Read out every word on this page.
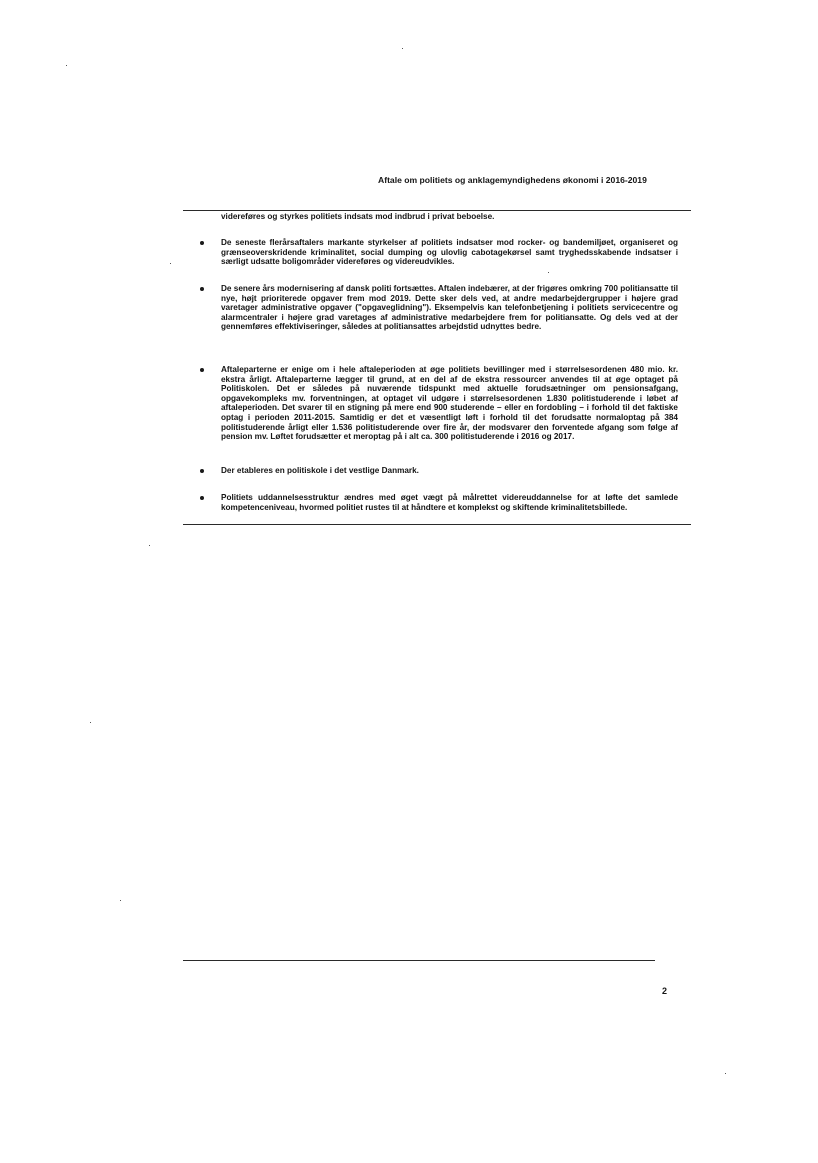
Aftale om politiets og anklagemyndighedens økonomi i 2016-2019
videreføres og styrkes politiets indsats mod indbrud i privat beboelse.
De seneste flerårsaftalers markante styrkelser af politiets indsatser mod rocker- og bandemiljøet, organiseret og grænseoverskridende kriminalitet, social dumping og ulovlig cabotagekørsel samt tryghedsskabende indsatser i særligt udsatte boligområder videreføres og videreudvikles.
De senere års modernisering af dansk politi fortsættes. Aftalen indebærer, at der frigøres omkring 700 politiansatte til nye, højt prioriterede opgaver frem mod 2019. Dette sker dels ved, at andre medarbejdergrupper i højere grad varetager administrative opgaver ("opgaveglidning"). Eksempelvis kan telefonbetjening i politiets servicecentre og alarmcentraler i højere grad varetages af administrative medarbejdere frem for politiansatte. Og dels ved at der gennemføres effektiviseringer, således at politiansattes arbejdstid udnyttes bedre.
Aftaleparterne er enige om i hele aftaleperioden at øge politiets bevillinger med i størrelsesordenen 480 mio. kr. ekstra årligt. Aftaleparterne lægger til grund, at en del af de ekstra ressourcer anvendes til at øge optaget på Politiskolen. Det er således på nuværende tidspunkt med aktuelle forudsætninger om pensionsafgang, opgavekompleks mv. forventningen, at optaget vil udgøre i størrelsesordenen 1.830 politistuderende i løbet af aftaleperioden. Det svarer til en stigning på mere end 900 studerende – eller en fordobling – i forhold til det faktiske optag i perioden 2011-2015. Samtidig er det et væsentligt løft i forhold til det forudsatte normaloptag på 384 politistuderende årligt eller 1.536 politistuderende over fire år, der modsvarer den forventede afgang som følge af pension mv. Løftet forudsætter et meroptag på i alt ca. 300 politistuderende i 2016 og 2017.
Der etableres en politiskole i det vestlige Danmark.
Politiets uddannelsesstruktur ændres med øget vægt på målrettet videreuddannelse for at løfte det samlede kompetenceniveau, hvormed politiet rustes til at håndtere et komplekst og skiftende kriminalitetsbillede.
2
